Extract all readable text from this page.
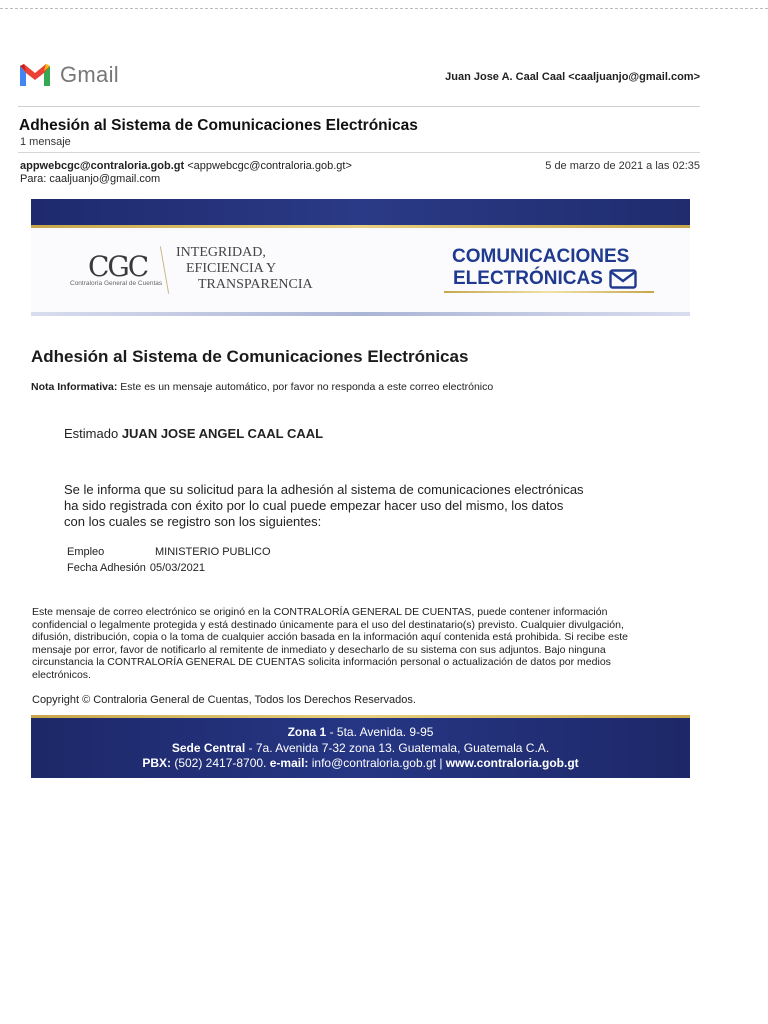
Gmail	Juan Jose A. Caal Caal <caaljuanjo@gmail.com>
Adhesión al Sistema de Comunicaciones Electrónicas
1 mensaje
appwebcgc@contraloria.gob.gt <appwebcgc@contraloria.gob.gt>
Para: caaljuanjo@gmail.com
5 de marzo de 2021 a las 02:35
CGC
Contraloría General de Cuentas
INTEGRIDAD,
EFICIENCIA Y
TRANSPARENCIA
COMUNICACIONES
ELECTRÓNICAS
Adhesión al Sistema de Comunicaciones Electrónicas
Nota Informativa: Este es un mensaje automático, por favor no responda a este correo electrónico
Estimado JUAN JOSE ANGEL CAAL CAAL
Se le informa que su solicitud para la adhesión al sistema de comunicaciones electrónicas
ha sido registrada con éxito por lo cual puede empezar hacer uso del mismo, los datos
con los cuales se registro son los siguientes:
Empleo	MINISTERIO PUBLICO
Fecha Adhesión 05/03/2021
Este mensaje de correo electrónico se originó en la CONTRALORÍA GENERAL DE CUENTAS, puede contener información
confidencial o legalmente protegida y está destinado únicamente para el uso del destinatario(s) previsto. Cualquier divulgación,
difusión, distribución, copia o la toma de cualquier acción basada en la información aquí contenida está prohibida. Si recibe este
mensaje por error, favor de notificarlo al remitente de inmediato y desecharlo de su sistema con sus adjuntos. Bajo ninguna
circunstancia la CONTRALORÍA GENERAL DE CUENTAS solicita información personal o actualización de datos por medios
electrónicos.
Copyright © Contraloria General de Cuentas, Todos los Derechos Reservados.
Zona 1 - 5ta. Avenida. 9-95
Sede Central - 7a. Avenida 7-32 zona 13. Guatemala, Guatemala C.A.
PBX: (502) 2417-8700. e-mail: info@contraloria.gob.gt | www.contraloria.gob.gt
